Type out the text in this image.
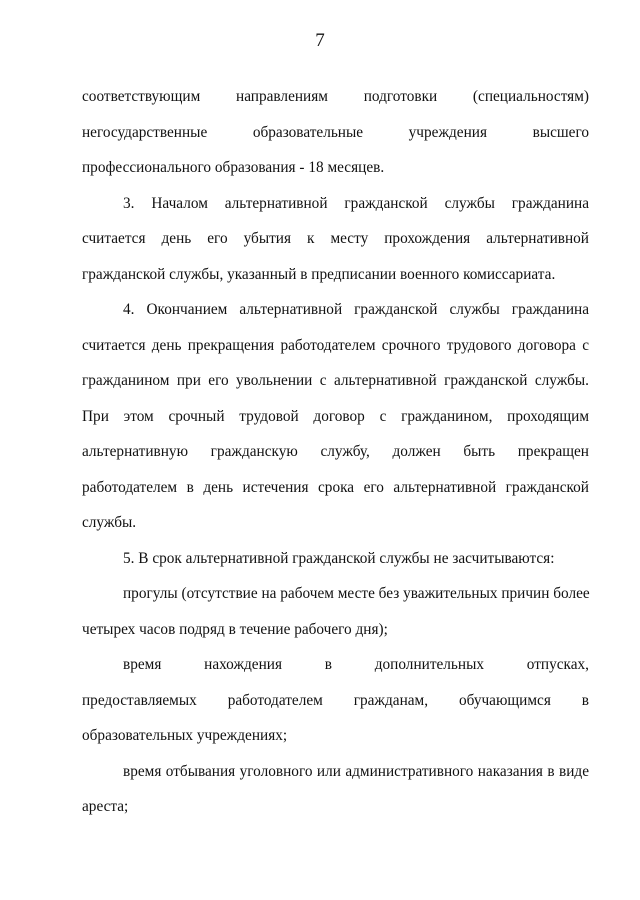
7
соответствующим направлениям подготовки (специальностям)
негосударственные образовательные учреждения высшего
профессионального образования - 18 месяцев.
3. Началом альтернативной гражданской службы гражданина
считается день его убытия к месту прохождения альтернативной
гражданской службы, указанный в предписании военного комиссариата.
4. Окончанием альтернативной гражданской службы гражданина
считается день прекращения работодателем срочного трудового договора с
гражданином при его увольнении с альтернативной гражданской службы.
При этом срочный трудовой договор с гражданином, проходящим
альтернативную гражданскую службу, должен быть прекращен
работодателем в день истечения срока его альтернативной гражданской
службы.
5. В срок альтернативной гражданской службы не засчитываются:
прогулы (отсутствие на рабочем месте без уважительных причин более
четырех часов подряд в течение рабочего дня);
время нахождения в дополнительных отпусках,
предоставляемых работодателем гражданам, обучающимся в
образовательных учреждениях;
время отбывания уголовного или административного наказания в виде
ареста;
